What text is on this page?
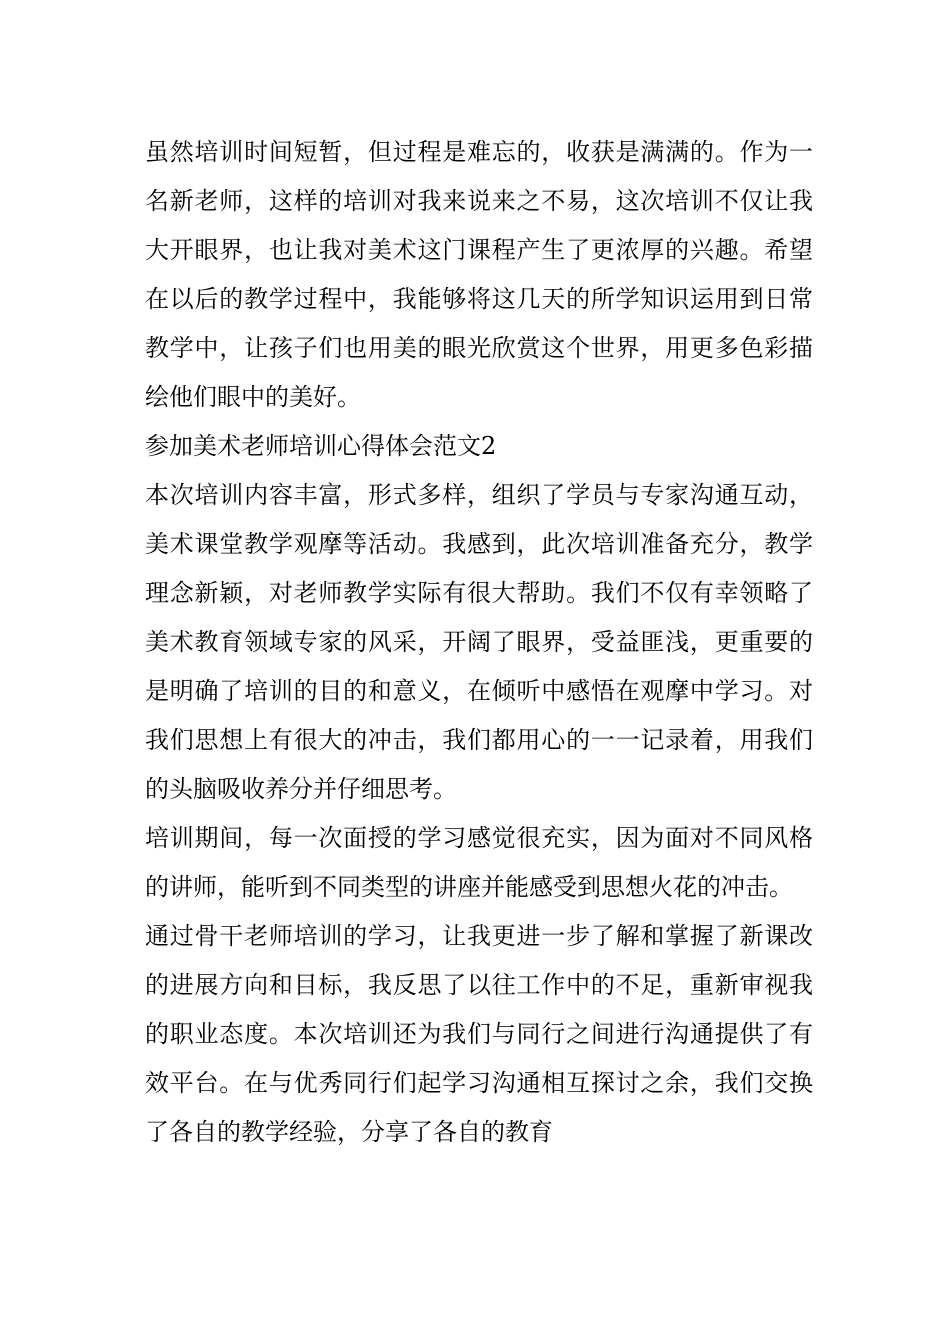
虽然培训时间短暂，但过程是难忘的，收获是满满的。作为一名新老师，这样的培训对我来说来之不易，这次培训不仅让我大开眼界，也让我对美术这门课程产生了更浓厚的兴趣。希望在以后的教学过程中，我能够将这几天的所学知识运用到日常教学中，让孩子们也用美的眼光欣赏这个世界，用更多色彩描绘他们眼中的美好。

参加美术老师培训心得体会范文2

本次培训内容丰富，形式多样，组织了学员与专家沟通互动，美术课堂教学观摩等活动。我感到，此次培训准备充分，教学理念新颖，对老师教学实际有很大帮助。我们不仅有幸领略了美术教育领域专家的风采，开阔了眼界，受益匪浅，更重要的是明确了培训的目的和意义，在倾听中感悟在观摩中学习。对我们思想上有很大的冲击，我们都用心的一一记录着，用我们的头脑吸收养分并仔细思考。

培训期间，每一次面授的学习感觉很充实，因为面对不同风格的讲师，能听到不同类型的讲座并能感受到思想火花的冲击。

通过骨干老师培训的学习，让我更进一步了解和掌握了新课改的进展方向和目标，我反思了以往工作中的不足，重新审视我的职业态度。本次培训还为我们与同行之间进行沟通提供了有效平台。在与优秀同行们起学习沟通相互探讨之余，我们交换了各自的教学经验，分享了各自的教育
